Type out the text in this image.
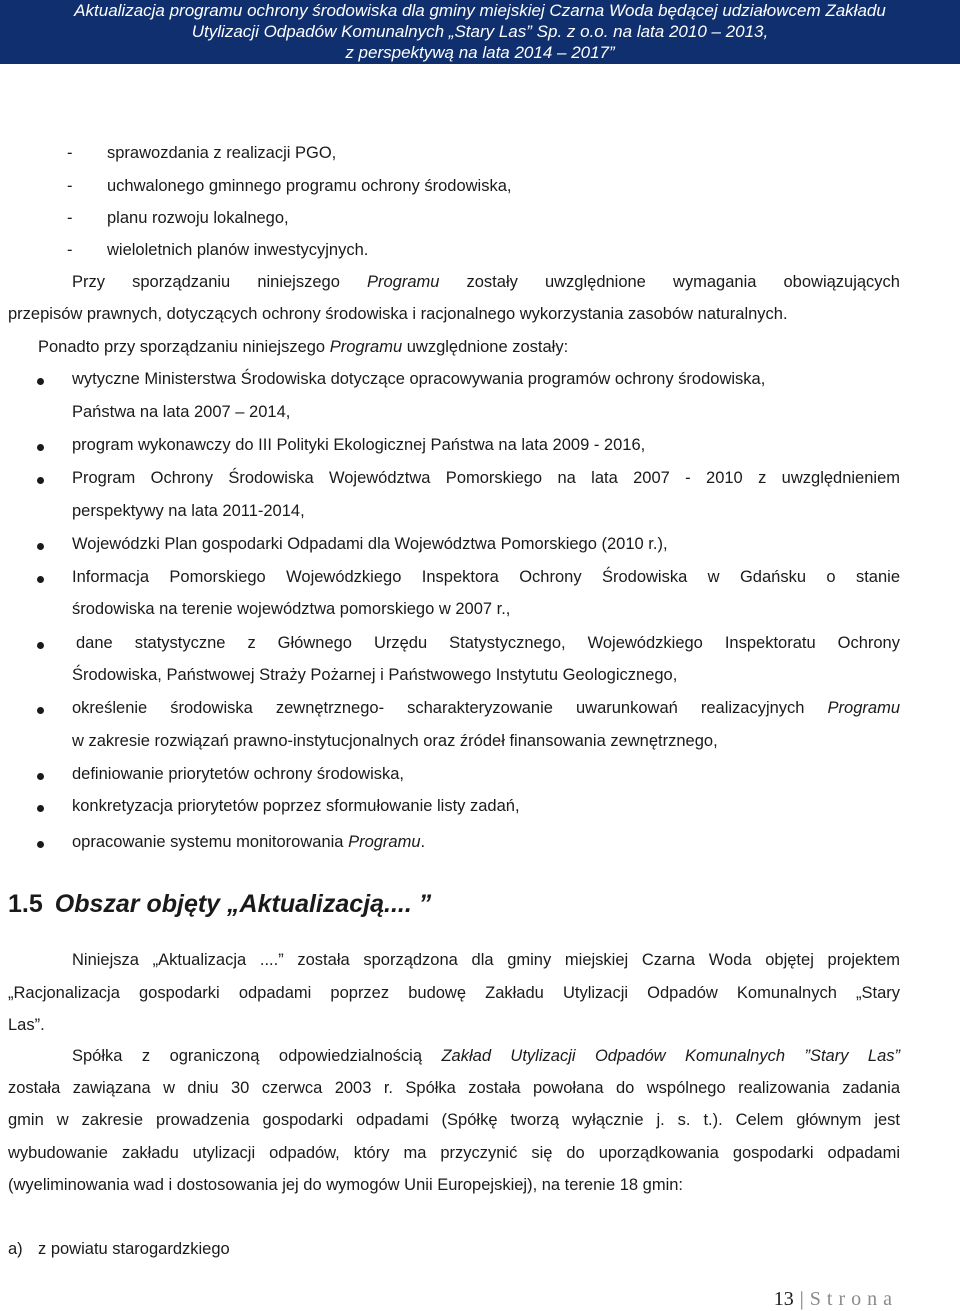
Aktualizacja programu ochrony środowiska dla gminy miejskiej Czarna Woda będącej udziałowcem Zakładu
Utylizacji Odpadów Komunalnych „Stary Las” Sp. z o.o. na lata 2010 – 2013,
z perspektywą na lata 2014 – 2017”
- sprawozdania z realizacji PGO,
- uchwalonego gminnego programu ochrony środowiska,
- planu rozwoju lokalnego,
- wieloletnich planów inwestycyjnych.
Przy sporządzaniu niniejszego Programu zostały uwzględnione wymagania obowiązujących
przepisów prawnych, dotyczących ochrony środowiska i racjonalnego wykorzystania zasobów naturalnych.
Ponadto przy sporządzaniu niniejszego Programu uwzględnione zostały:
wytyczne Ministerstwa Środowiska dotyczące opracowywania programów ochrony środowiska,
Państwa na lata 2007 – 2014,
program wykonawczy do III Polityki Ekologicznej Państwa na lata 2009 - 2016,
Program Ochrony Środowiska Województwa Pomorskiego na lata 2007 - 2010 z uwzględnieniem
perspektywy na lata 2011-2014,
Wojewódzki Plan gospodarki Odpadami dla Województwa Pomorskiego (2010 r.),
Informacja Pomorskiego Wojewódzkiego Inspektora Ochrony Środowiska w Gdańsku o stanie
środowiska na terenie województwa pomorskiego w 2007 r.,
dane statystyczne z Głównego Urzędu Statystycznego, Wojewódzkiego Inspektoratu Ochrony
Środowiska, Państwowej Straży Pożarnej i Państwowego Instytutu Geologicznego,
określenie środowiska zewnętrznego- scharakteryzowanie uwarunkowań realizacyjnych Programu
w zakresie rozwiązań prawno-instytucjonalnych oraz źródeł finansowania zewnętrznego,
definiowanie priorytetów ochrony środowiska,
konkretyzacja priorytetów poprzez sformułowanie listy zadań,
opracowanie systemu monitorowania Programu.
1.5 Obszar objęty „Aktualizacją.... ”
Niniejsza „Aktualizacja ....” została sporządzona dla gminy miejskiej Czarna Woda objętej projektem
„Racjonalizacja gospodarki odpadami poprzez budowę Zakładu Utylizacji Odpadów Komunalnych „Stary
Las”.
Spółka z ograniczoną odpowiedzialnością Zakład Utylizacji Odpadów Komunalnych ”Stary Las”
została zawiązana w dniu 30 czerwca 2003 r. Spółka została powołana do wspólnego realizowania zadania
gmin w zakresie prowadzenia gospodarki odpadami (Spółkę tworzą wyłącznie j. s. t.). Celem głównym jest
wybudowanie zakładu utylizacji odpadów, który ma przyczynić się do uporządkowania gospodarki odpadami
(wyeliminowania wad i dostosowania jej do wymogów Unii Europejskiej), na terenie 18 gmin:
a) z powiatu starogardzkiego
13 | Strona
